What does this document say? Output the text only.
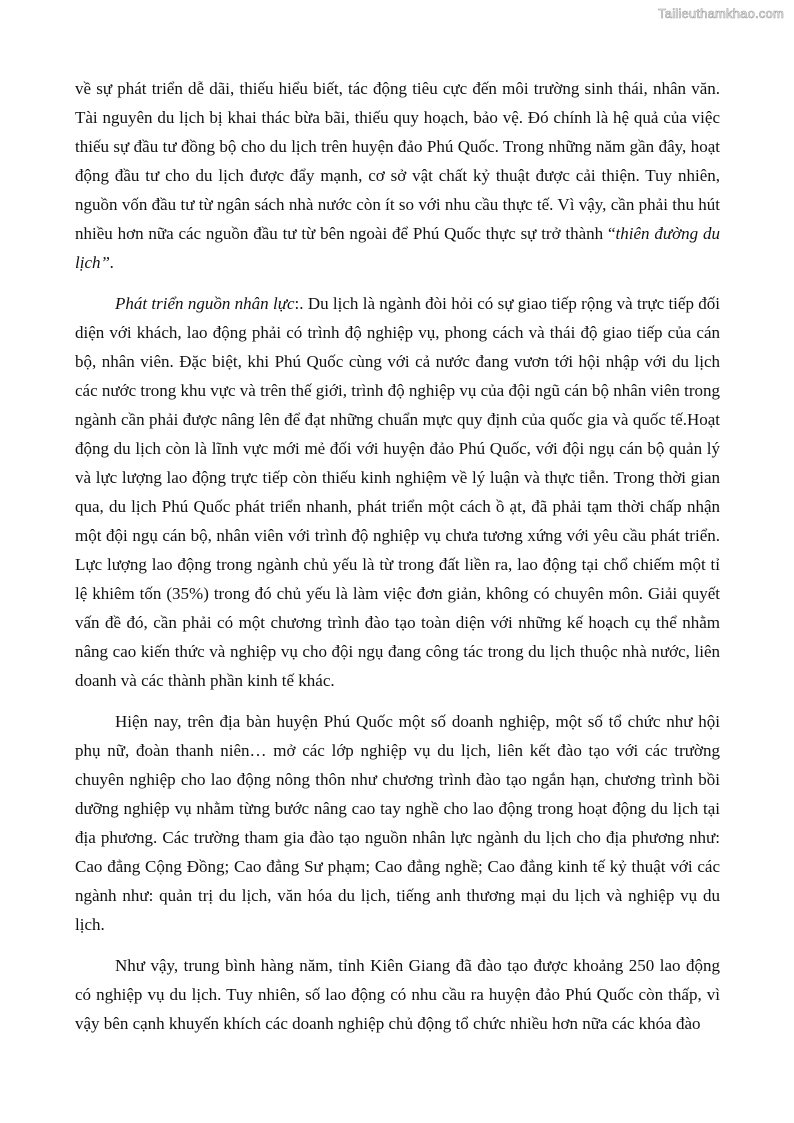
Tailieuthamkhao.com

về sự phát triển dễ dãi, thiếu hiểu biết, tác động tiêu cực đến môi trường sinh thái, nhân văn. Tài nguyên du lịch bị khai thác bừa bãi, thiếu quy hoạch, bảo vệ. Đó chính là hệ quả của việc thiếu sự đầu tư đồng bộ cho du lịch trên huyện đảo Phú Quốc. Trong những năm gần đây, hoạt động đầu tư cho du lịch được đẩy mạnh, cơ sở vật chất kỷ thuật được cải thiện. Tuy nhiên, nguồn vốn đầu tư từ ngân sách nhà nước còn ít so với nhu cầu thực tế. Vì vậy, cần phải thu hút nhiều hơn nữa các nguồn đầu tư từ bên ngoài để Phú Quốc thực sự trở thành “thiên đường du lịch”.

Phát triển nguồn nhân lực:. Du lịch là ngành đòi hỏi có sự giao tiếp rộng và trực tiếp đối diện với khách, lao động phải có trình độ nghiệp vụ, phong cách và thái độ giao tiếp của cán bộ, nhân viên. Đặc biệt, khi Phú Quốc cùng với cả nước đang vươn tới hội nhập với du lịch các nước trong khu vực và trên thế giới, trình độ nghiệp vụ của đội ngũ cán bộ nhân viên trong ngành cần phải được nâng lên để đạt những chuẩn mực quy định của quốc gia và quốc tế.Hoạt động du lịch còn là lĩnh vực mới mẻ đối với huyện đảo Phú Quốc, với đội ngụ cán bộ quản lý và lực lượng lao động trực tiếp còn thiếu kinh nghiệm về lý luận và thực tiễn. Trong thời gian qua, du lịch Phú Quốc phát triển nhanh, phát triển một cách ồ ạt, đã phải tạm thời chấp nhận một đội ngụ cán bộ, nhân viên với trình độ nghiệp vụ chưa tương xứng với yêu cầu phát triển. Lực lượng lao động trong ngành chủ yếu là từ trong đất liền ra, lao động tại chổ chiếm một tỉ lệ khiêm tốn (35%) trong đó chủ yếu là làm việc đơn giản, không có chuyên môn. Giải quyết vấn đề đó, cần phải có một chương trình đào tạo toàn diện với những kế hoạch cụ thể nhằm nâng cao kiến thức và nghiệp vụ cho đội ngụ đang công tác trong du lịch thuộc nhà nước, liên doanh và các thành phần kinh tế khác.

Hiện nay, trên địa bàn huyện Phú Quốc một số doanh nghiệp, một số tổ chức như hội phụ nữ, đoàn thanh niên… mở các lớp nghiệp vụ du lịch, liên kết đào tạo với các trường chuyên nghiệp cho lao động nông thôn như chương trình đào tạo ngắn hạn, chương trình bồi dưỡng nghiệp vụ nhằm từng bước nâng cao tay nghề cho lao động trong hoạt động du lịch tại địa phương. Các trường tham gia đào tạo nguồn nhân lực ngành du lịch cho địa phương như: Cao đẳng Cộng Đồng; Cao đẳng Sư phạm; Cao đẳng nghề; Cao đẳng kinh tế kỷ thuật với các ngành như: quản trị du lịch, văn hóa du lịch, tiếng anh thương mại du lịch và nghiệp vụ du lịch.

Như vậy, trung bình hàng năm, tỉnh Kiên Giang đã đào tạo được khoảng 250 lao động có nghiệp vụ du lịch. Tuy nhiên, số lao động có nhu cầu ra huyện đảo Phú Quốc còn thấp, vì vậy bên cạnh khuyến khích các doanh nghiệp chủ động tổ chức nhiều hơn nữa các khóa đào
